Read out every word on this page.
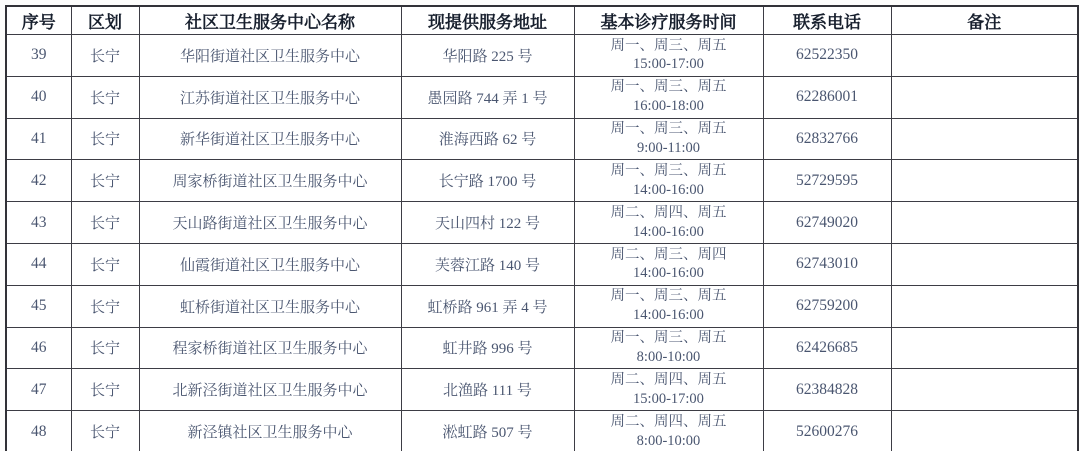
序号	区划	社区卫生服务中心名称	现提供服务地址	基本诊疗服务时间	联系电话	备注
39	长宁	华阳街道社区卫生服务中心	华阳路 225 号	周一、周三、周五
15:00-17:00	62522350	
40	长宁	江苏街道社区卫生服务中心	愚园路 744 弄 1 号	周一、周三、周五
16:00-18:00	62286001	
41	长宁	新华街道社区卫生服务中心	淮海西路 62 号	周一、周三、周五
9:00-11:00	62832766	
42	长宁	周家桥街道社区卫生服务中心	长宁路 1700 号	周一、周三、周五
14:00-16:00	52729595	
43	长宁	天山路街道社区卫生服务中心	天山四村 122 号	周二、周四、周五
14:00-16:00	62749020	
44	长宁	仙霞街道社区卫生服务中心	芙蓉江路 140 号	周二、周三、周四
14:00-16:00	62743010	
45	长宁	虹桥街道社区卫生服务中心	虹桥路 961 弄 4 号	周一、周三、周五
14:00-16:00	62759200	
46	长宁	程家桥街道社区卫生服务中心	虹井路 996 号	周一、周三、周五
8:00-10:00	62426685	
47	长宁	北新泾街道社区卫生服务中心	北渔路 111 号	周二、周四、周五
15:00-17:00	62384828	
48	长宁	新泾镇社区卫生服务中心	淞虹路 507 号	周二、周四、周五
8:00-10:00	52600276	
